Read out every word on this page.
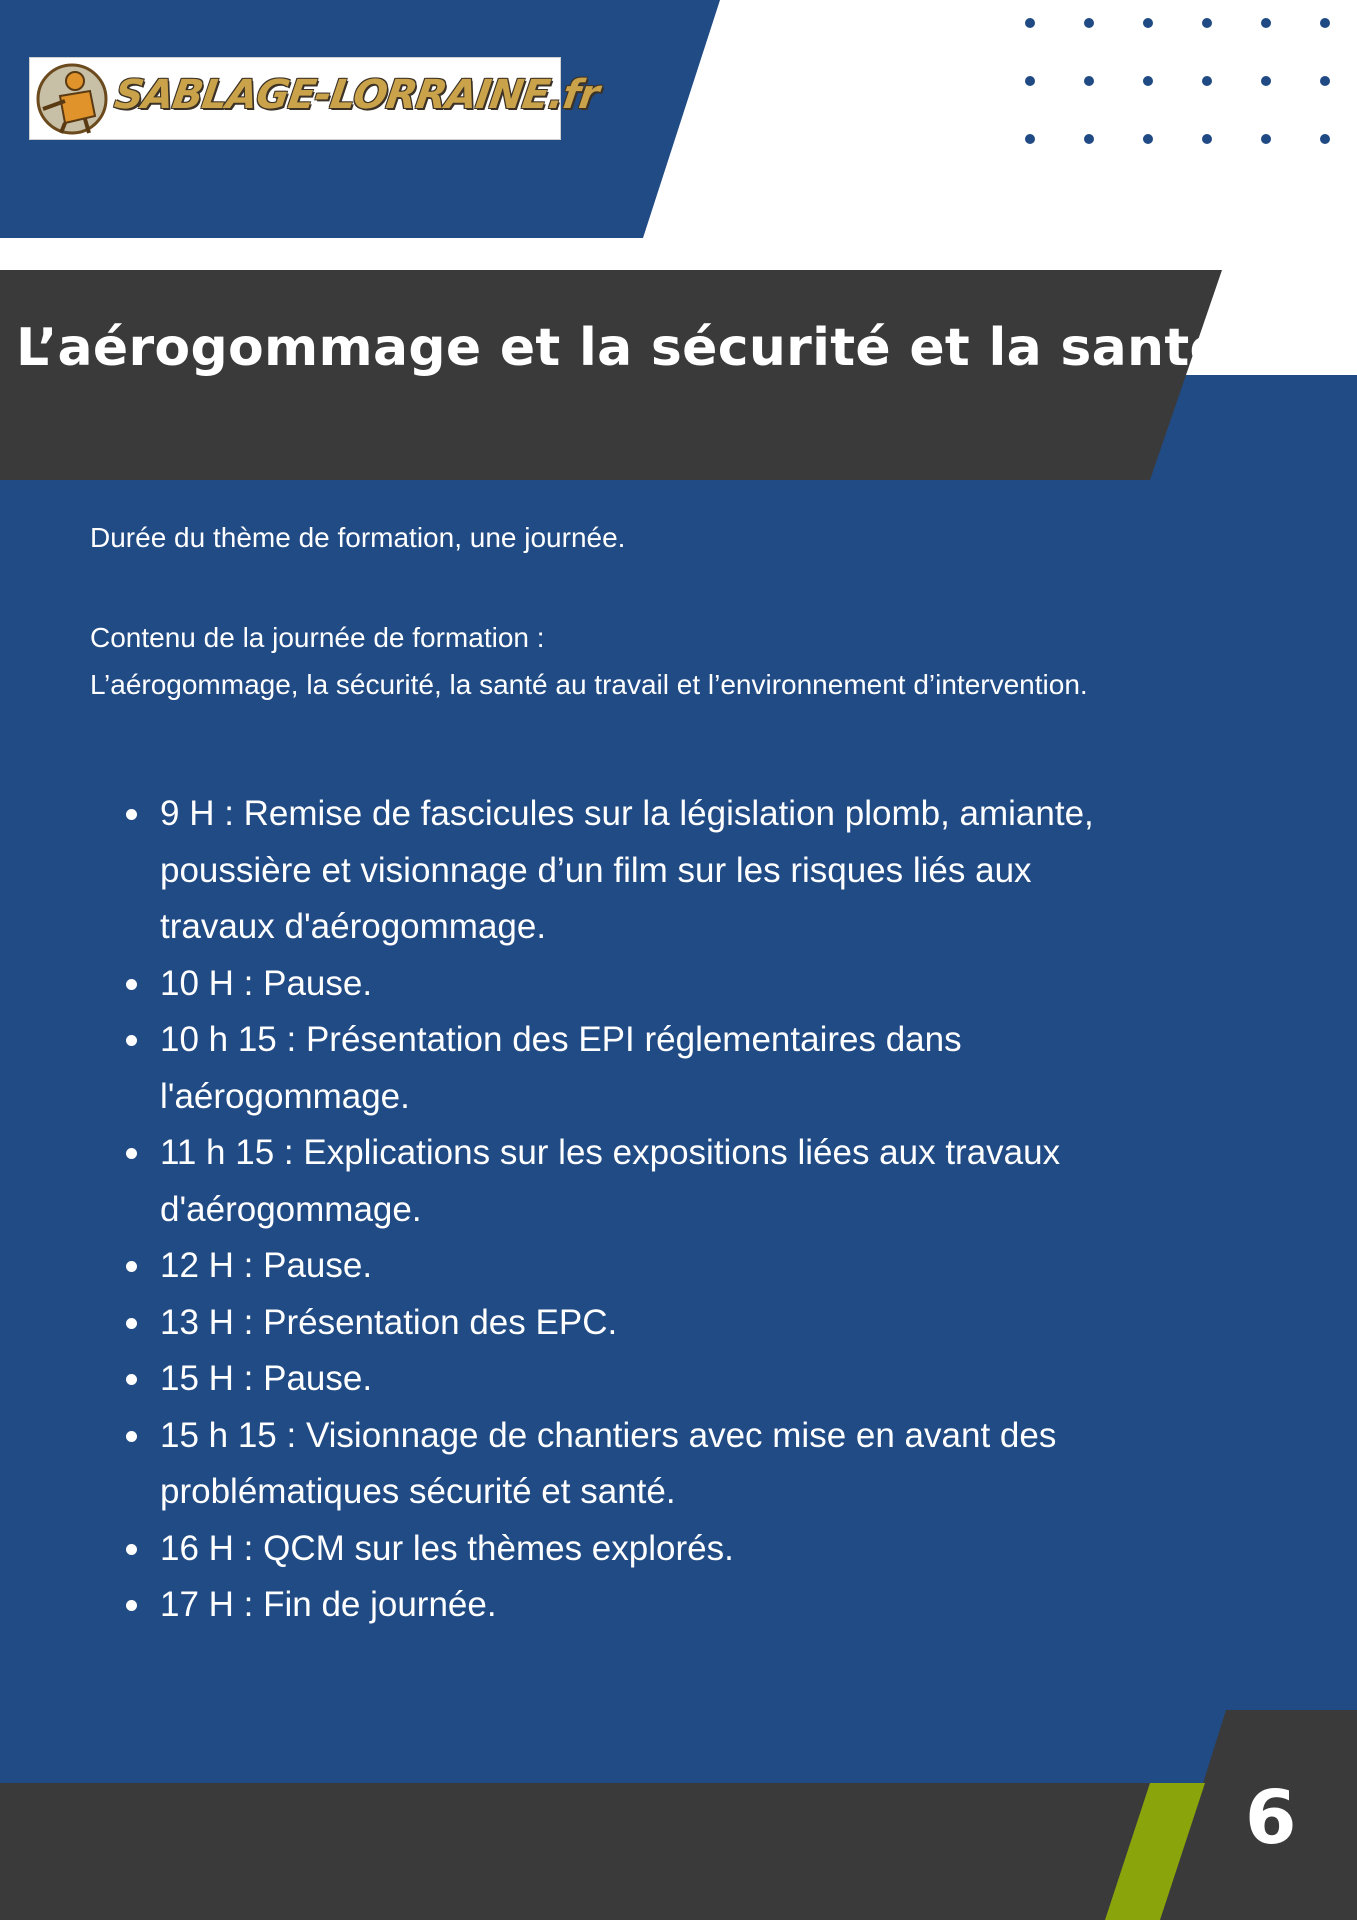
SABLAGE-LORRAINE.fr
L’aérogommage et la sécurité et la santé

Durée du thème de formation, une journée.

Contenu de la journée de formation :

L’aérogommage, la sécurité, la santé au travail et l’environnement d’intervention.

9 H : Remise de fascicules sur la législation plomb, amiante,
poussière et visionnage d’un film sur les risques liés aux
travaux d'aérogommage.
10 H : Pause.
10 h 15 : Présentation des EPI réglementaires dans
l'aérogommage.
11 h 15 : Explications sur les expositions liées aux travaux
d'aérogommage.
12 H : Pause.
13 H : Présentation des EPC.
15 H : Pause.
15 h 15 : Visionnage de chantiers avec mise en avant des
problématiques sécurité et santé.
16 H : QCM sur les thèmes explorés.
17 H : Fin de journée.
6
